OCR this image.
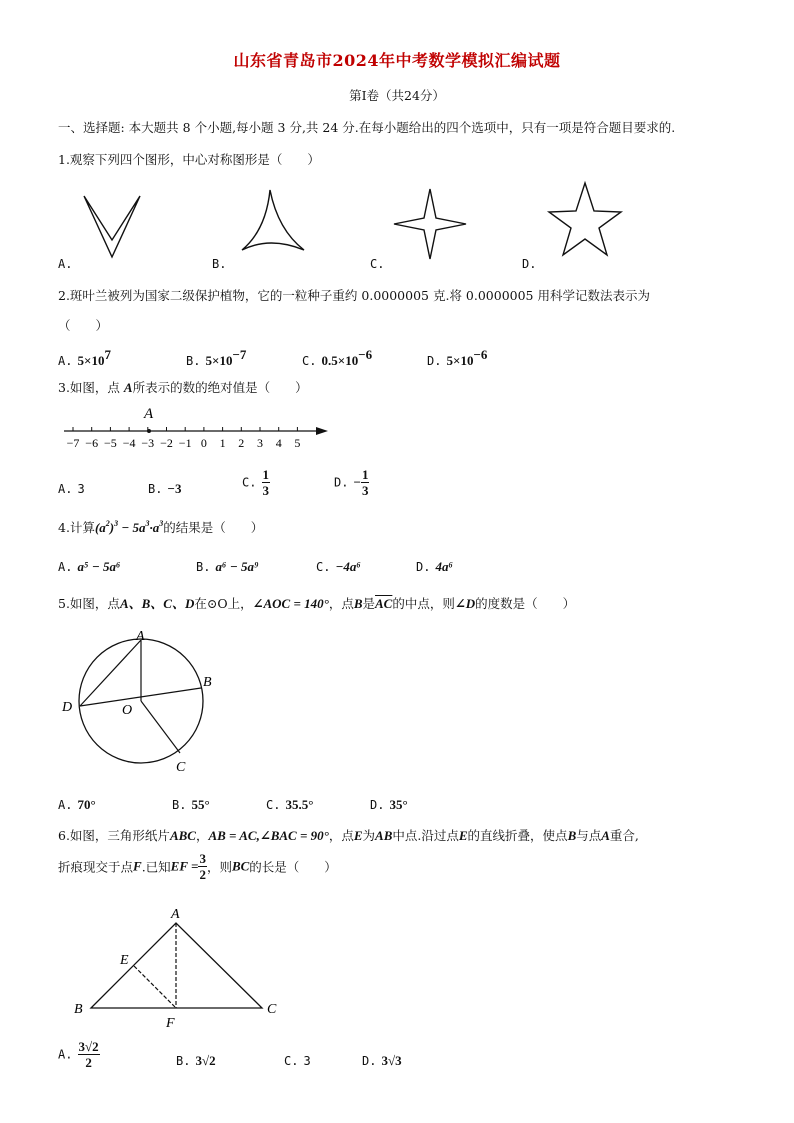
山东省青岛市2024年中考数学模拟汇编试题
第Ⅰ卷（共24分）
一、选择题: 本大题共 8 个小题,每小题 3 分,共 24 分.在每小题给出的四个选项中，只有一项是符合题目要求的.
1.观察下列四个图形，中心对称图形是（　　）
A.	B.	C.	D.
2.斑叶兰被列为国家二级保护植物，它的一粒种子重约 0.0000005 克.将 0.0000005 用科学记数法表示为
（　　）
A. $5\times 10^7$	B. $5\times 10^{-7}$	C. $0.5\times 10^{-6}$	D. $5\times 10^{-6}$
3.如图，点 A所表示的数的绝对值是（　　）
−7 −6 −5 −4 −3 −2 −1 0 1 2 3 4 5
A
A. 3	B. −3	C. $\frac{1}{3}$	D. − $\frac{1}{3}$
4.计算$(a^2)^3 - 5a^3\cdot a^3$的结果是（　　）
A. a⁵ − 5a⁶	B. a⁶ − 5a⁹	C. −4a⁶	D. 4a⁶
5.如图，点A、B、C、D在⊙O上，∠AOC = 140°，点B是$\overline{AC}$的中点，则∠D的度数是（　　）
A
B
C
D	O
A. 70°	B. 55°	C. 35.5°	D. 35°
6.如图，三角形纸片ABC，AB = AC,∠BAC = 90°，点E为AB中点.沿过点E的直线折叠，使点B与点A重合,
折痕现交于点F.已知EF = $\frac{3}{2}$ ，则BC的长是（　　）
A
B	C
E
F
A. $\frac{3√2}{2}$	B. 3√2	C. 3	D. 3√3
